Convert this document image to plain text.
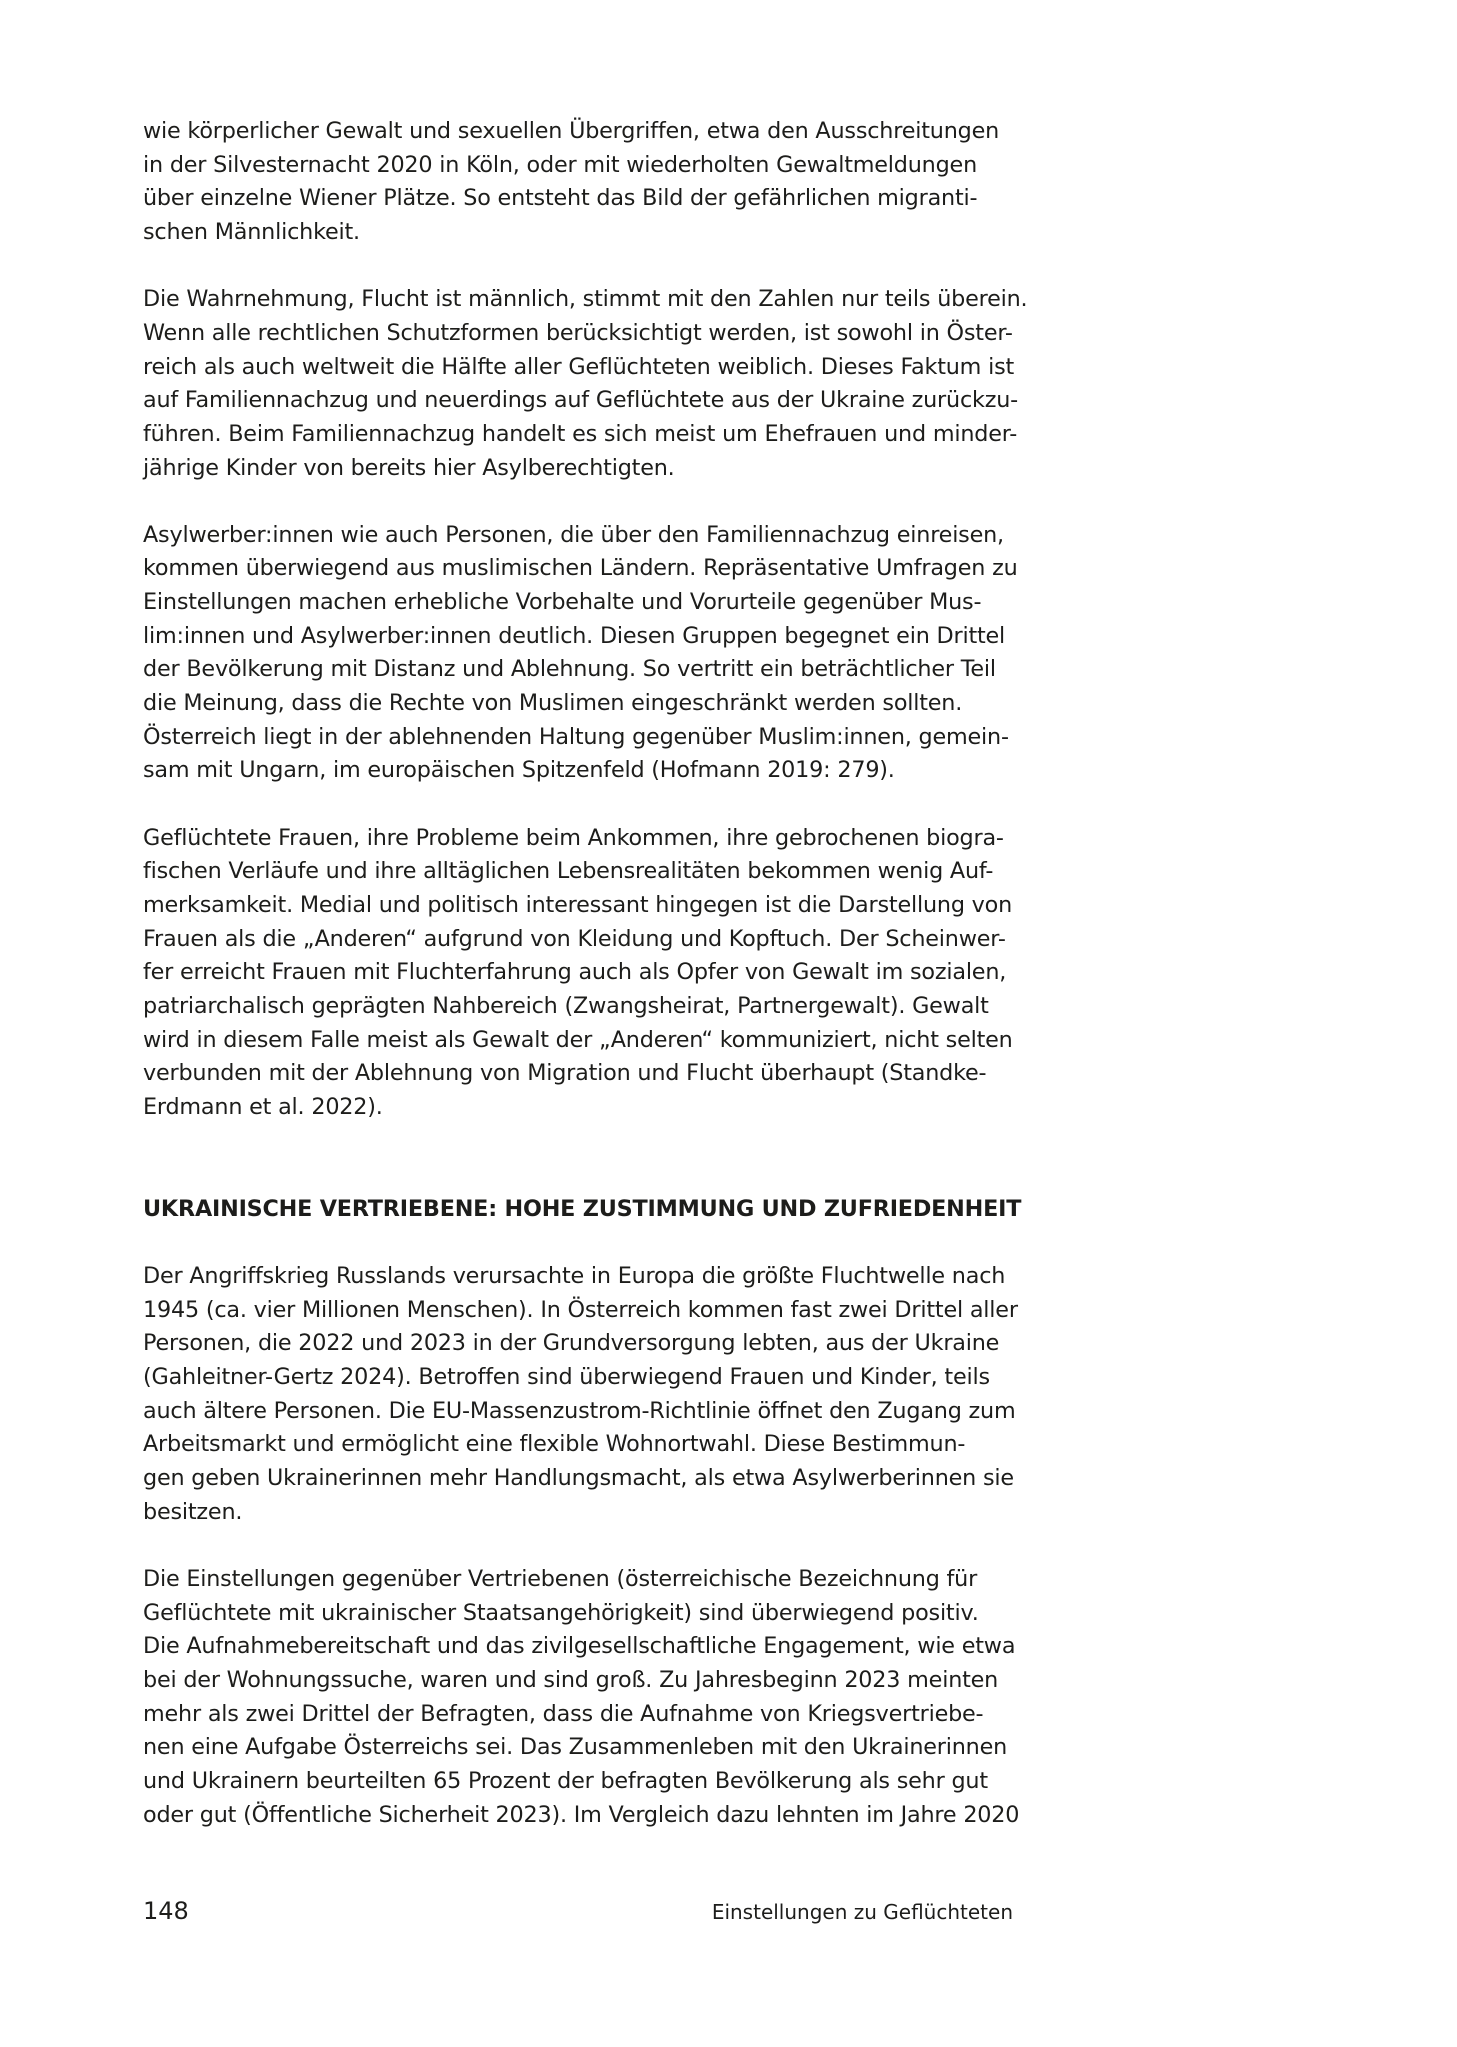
wie körperlicher Gewalt und sexuellen Übergriffen, etwa den Ausschreitungen
in der Silvesternacht 2020 in Köln, oder mit wiederholten Gewaltmeldungen
über einzelne Wiener Plätze. So entsteht das Bild der gefährlichen migranti-
schen Männlichkeit.

Die Wahrnehmung, Flucht ist männlich, stimmt mit den Zahlen nur teils überein.
Wenn alle rechtlichen Schutzformen berücksichtigt werden, ist sowohl in Öster-
reich als auch weltweit die Hälfte aller Geflüchteten weiblich. Dieses Faktum ist
auf Familiennachzug und neuerdings auf Geflüchtete aus der Ukraine zurückzu-
führen. Beim Familiennachzug handelt es sich meist um Ehefrauen und minder-
jährige Kinder von bereits hier Asylberechtigten.

Asylwerber:innen wie auch Personen, die über den Familiennachzug einreisen,
kommen überwiegend aus muslimischen Ländern. Repräsentative Umfragen zu
Einstellungen machen erhebliche Vorbehalte und Vorurteile gegenüber Mus-
lim:innen und Asylwerber:innen deutlich. Diesen Gruppen begegnet ein Drittel
der Bevölkerung mit Distanz und Ablehnung. So vertritt ein beträchtlicher Teil
die Meinung, dass die Rechte von Muslimen eingeschränkt werden sollten.
Österreich liegt in der ablehnenden Haltung gegenüber Muslim:innen, gemein-
sam mit Ungarn, im europäischen Spitzenfeld (Hofmann 2019: 279).

Geflüchtete Frauen, ihre Probleme beim Ankommen, ihre gebrochenen biogra-
fischen Verläufe und ihre alltäglichen Lebensrealitäten bekommen wenig Auf-
merksamkeit. Medial und politisch interessant hingegen ist die Darstellung von
Frauen als die „Anderen“ aufgrund von Kleidung und Kopftuch. Der Scheinwer-
fer erreicht Frauen mit Fluchterfahrung auch als Opfer von Gewalt im sozialen,
patriarchalisch geprägten Nahbereich (Zwangsheirat, Partnergewalt). Gewalt
wird in diesem Falle meist als Gewalt der „Anderen“ kommuniziert, nicht selten
verbunden mit der Ablehnung von Migration und Flucht überhaupt (Standke-
Erdmann et al. 2022).

UKRAINISCHE VERTRIEBENE: HOHE ZUSTIMMUNG UND ZUFRIEDENHEIT

Der Angriffskrieg Russlands verursachte in Europa die größte Fluchtwelle nach
1945 (ca. vier Millionen Menschen). In Österreich kommen fast zwei Drittel aller
Personen, die 2022 und 2023 in der Grundversorgung lebten, aus der Ukraine
(Gahleitner-Gertz 2024). Betroffen sind überwiegend Frauen und Kinder, teils
auch ältere Personen. Die EU-Massenzustrom-Richtlinie öffnet den Zugang zum
Arbeitsmarkt und ermöglicht eine flexible Wohnortwahl. Diese Bestimmun-
gen geben Ukrainerinnen mehr Handlungsmacht, als etwa Asylwerberinnen sie
besitzen.

Die Einstellungen gegenüber Vertriebenen (österreichische Bezeichnung für
Geflüchtete mit ukrainischer Staatsangehörigkeit) sind überwiegend positiv.
Die Aufnahmebereitschaft und das zivilgesellschaftliche Engagement, wie etwa
bei der Wohnungssuche, waren und sind groß. Zu Jahresbeginn 2023 meinten
mehr als zwei Drittel der Befragten, dass die Aufnahme von Kriegsvertriebe-
nen eine Aufgabe Österreichs sei. Das Zusammenleben mit den Ukrainerinnen
und Ukrainern beurteilten 65 Prozent der befragten Bevölkerung als sehr gut
oder gut (Öffentliche Sicherheit 2023). Im Vergleich dazu lehnten im Jahre 2020

148	Einstellungen zu Geflüchteten
